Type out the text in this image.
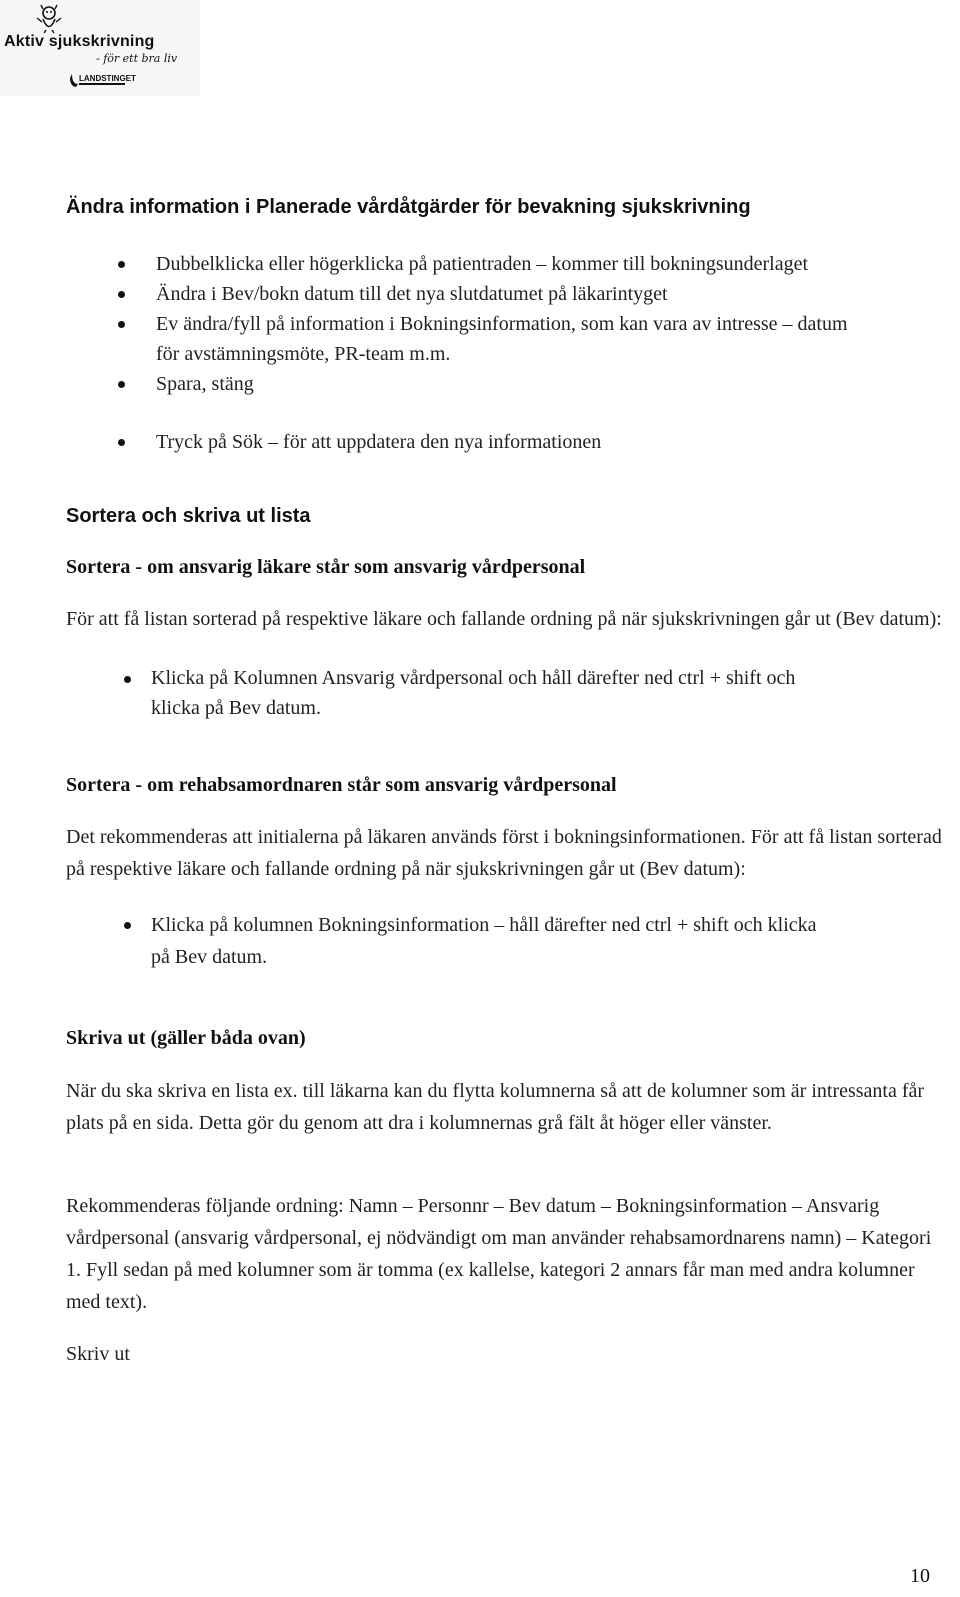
Aktiv sjukskrivning
- för ett bra liv
LANDSTINGET
Ändra information i Planerade vårdåtgärder för bevakning sjukskrivning
Dubbelklicka eller högerklicka på patientraden – kommer till bokningsunderlaget
Ändra i Bev/bokn datum till det nya slutdatumet på läkarintyget
Ev ändra/fyll på information i Bokningsinformation, som kan vara av intresse – datum för avstämningsmöte, PR-team m.m.
Spara, stäng
Tryck på Sök – för att uppdatera den nya informationen
Sortera och skriva ut lista
Sortera - om ansvarig läkare står som ansvarig vårdpersonal

För att få listan sorterad på respektive läkare och fallande ordning på när sjukskrivningen går ut (Bev datum):

Klicka på Kolumnen Ansvarig vårdpersonal och håll därefter ned ctrl + shift och klicka på Bev datum.
Sortera - om rehabsamordnaren står som ansvarig vårdpersonal

Det rekommenderas att initialerna på läkaren används först i bokningsinformationen. För att få listan sorterad på respektive läkare och fallande ordning på när sjukskrivningen går ut (Bev datum):

Klicka på kolumnen Bokningsinformation – håll därefter ned ctrl + shift och klicka på Bev datum.
Skriva ut (gäller båda ovan)

När du ska skriva en lista ex. till läkarna kan du flytta kolumnerna så att de kolumner som är intressanta får plats på en sida. Detta gör du genom att dra i kolumnernas grå fält åt höger eller vänster.

Rekommenderas följande ordning: Namn – Personnr – Bev datum – Bokningsinformation – Ansvarig vårdpersonal (ansvarig vårdpersonal, ej nödvändigt om man använder rehabsamordnarens namn) – Kategori 1. Fyll sedan på med kolumner som är tomma (ex kallelse, kategori 2 annars får man med andra kolumner med text).

Skriv ut

10
